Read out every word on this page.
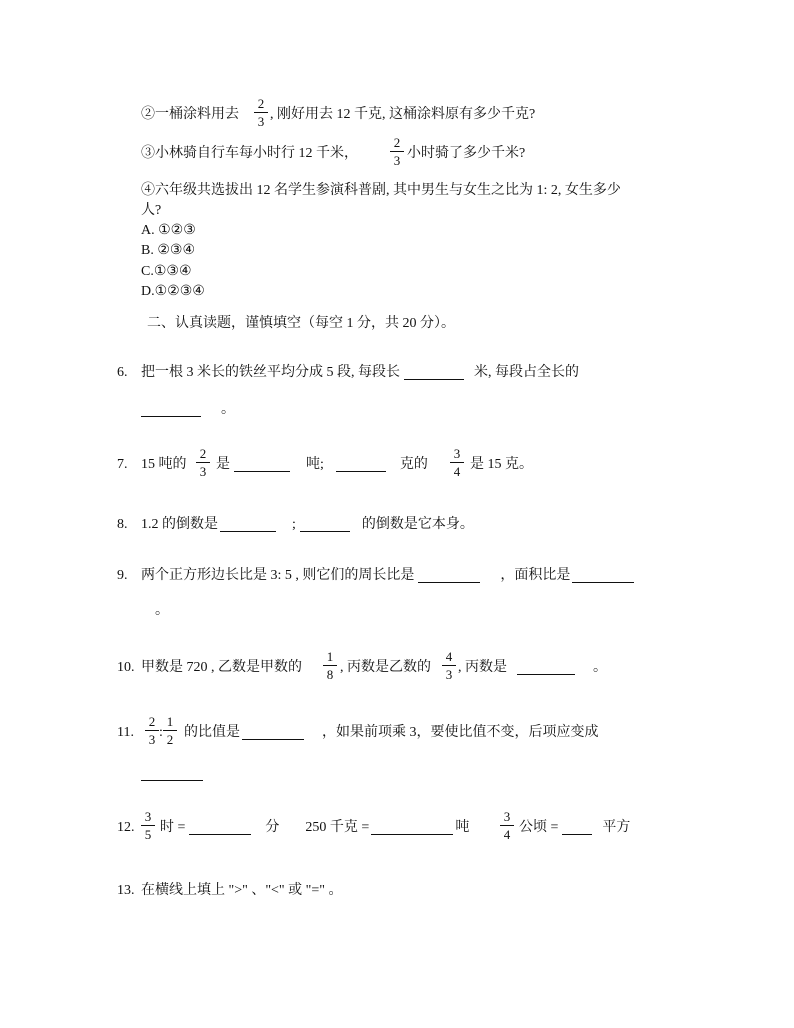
②一桶涂料用去
2
3 , 刚好用去 12 千克, 这桶涂料原有多少千克?
③小林骑自行车每小时行 12 千米，
2
3 小时骑了多少千米?
④六年级共选拔出 12 名学生参演科普剧, 其中男生与女生之比为 1: 2, 女生多少
人?
A. ①②③
B. ②③④
C.①③④
D.①②③④
二、认真读题，谨慎填空（每空 1 分，共 20 分）。
6. 把一根 3 米长的铁丝平均分成 5 段, 每段长	米, 每段占全长的
。
7. 15 吨的
2
3 是	吨;	克的
3
4 是 15 克。
8. 1.2 的倒数是	;	的倒数是它本身。
9. 两个正方形边长比是 3: 5 , 则它们的周长比是	，面积比是
。
10. 甲数是 720 , 乙数是甲数的
1
8 , 丙数是乙数的
4
3 , 丙数是	。
11.
2
3 :
1
2 的比值是	，如果前项乘 3，要使比值不变，后项应变成
12.
3
5 时 =	分 250 千克 =	吨
3
4 公顷 =	平方
13. 在横线上填上 ">" 、"<" 或 "=" 。
